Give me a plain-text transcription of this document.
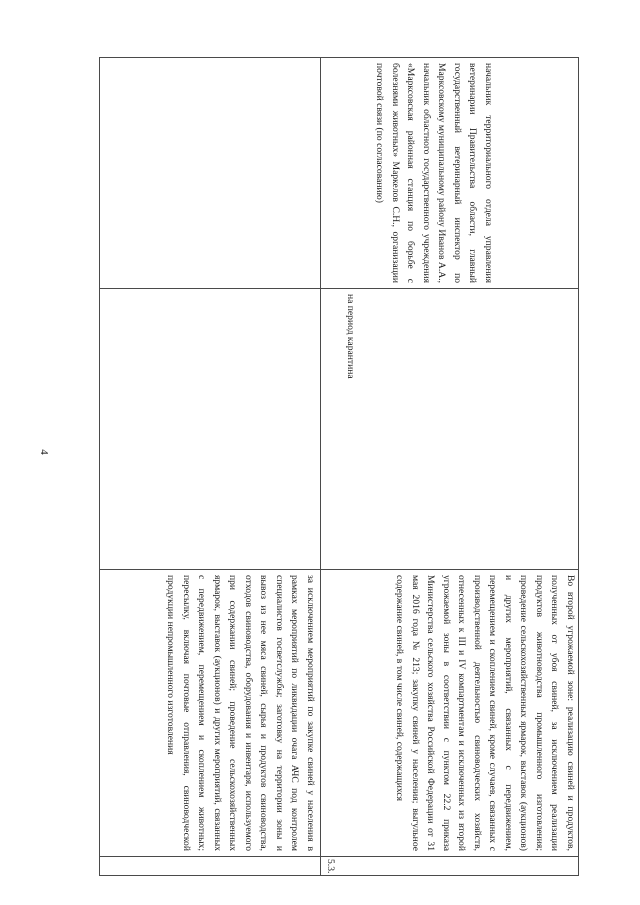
4
за исключением мероприятий по закупке свиней у населения в рамках мероприятий по ликвидации очага АЧС под контролем специалистов госветслужбы; заготовку на территории зоны и вывоз из нее мяса свиней, сырья и продуктов свиноводства, отходов свиноводства, оборудования и инвентаря, используемого при содержании свиней; проведение сельскохозяйственных ярмарок, выставок (аукционов) и других мероприятий, связанных с передвижением, перемещением и скоплением животных; пересылку, включая почтовые отправления, свиноводческой продукции непромышленного изготовления
5.3.
Во второй угрожаемой зоне: реализацию свиней и продуктов, полученных от убоя свиней, за исключением реализации продуктов животноводства промышленного изготовления; проведение сельскохозяйственных ярмарок, выставок (аукционов) и других мероприятий, связанных с передвижением, перемещением и скоплением свиней, кроме случаев, связанных с производственной деятельностью свиноводческих хозяйств, отнесенных к III и IV компартментам и исключенных из второй угрожаемой зоны в соответствии с пунктом 22.2 приказа Министерства сельского хозяйства Российской Федерации от 31 мая 2016 года № 213; закупку свиней у населения; выгульное содержание свиней, в том числе свиней, содержащихся
на период карантина
начальник территориального отдела управления ветеринарии Правительства области, главный государственный ветеринарный инспектор по Марксовскому муниципальному району Иванов А.А., начальник областного государственного учреждения «Марксовская районная станция по борьбе с болезнями животных» Маркелов С.Н., организации почтовой связи (по согласованию)
